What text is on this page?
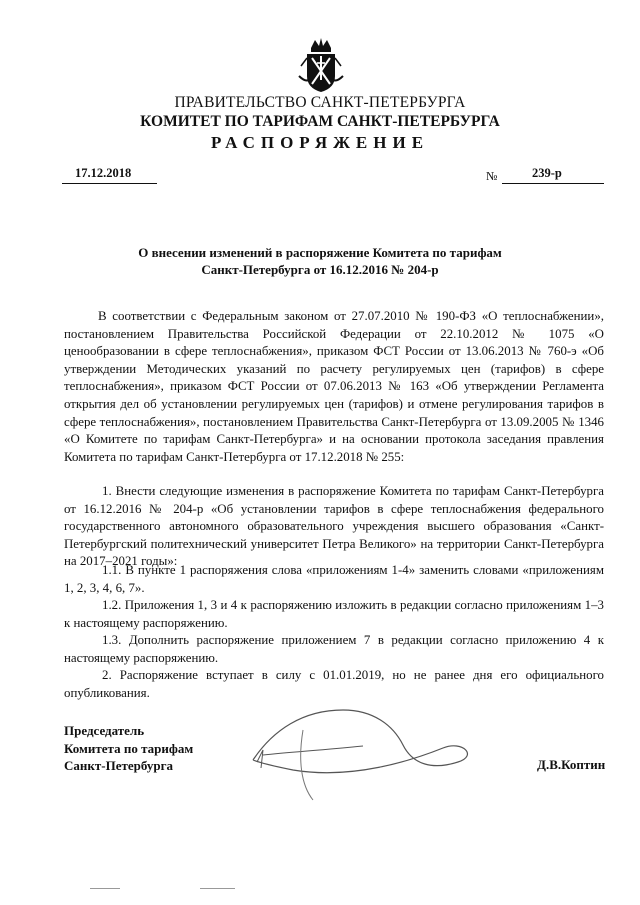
ПРАВИТЕЛЬСТВО САНКТ-ПЕТЕРБУРГА
КОМИТЕТ ПО ТАРИФАМ САНКТ-ПЕТЕРБУРГА
РАСПОРЯЖЕНИЕ
17.12.2018	№	239-р
О внесении изменений в распоряжение Комитета по тарифам
Санкт-Петербурга от 16.12.2016 № 204-р
В соответствии с Федеральным законом от 27.07.2010 № 190-ФЗ «О теплоснабжении», постановлением Правительства Российской Федерации от 22.10.2012 № 1075 «О ценообразовании в сфере теплоснабжения», приказом ФСТ России от 13.06.2013 № 760-э «Об утверждении Методических указаний по расчету регулируемых цен (тарифов) в сфере теплоснабжения», приказом ФСТ России от 07.06.2013 № 163 «Об утверждении Регламента открытия дел об установлении регулируемых цен (тарифов) и отмене регулирования тарифов в сфере теплоснабжения», постановлением Правительства Санкт-Петербурга от 13.09.2005 № 1346 «О Комитете по тарифам Санкт-Петербурга» и на основании протокола заседания правления Комитета по тарифам Санкт-Петербурга от 17.12.2018 № 255:
1. Внести следующие изменения в распоряжение Комитета по тарифам Санкт-Петербурга от 16.12.2016 № 204-р «Об установлении тарифов в сфере теплоснабжения федерального государственного автономного образовательного учреждения высшего образования «Санкт-Петербургский политехнический университет Петра Великого» на территории Санкт-Петербурга на 2017–2021 годы»:
1.1. В пункте 1 распоряжения слова «приложениям 1-4» заменить словами «приложениям 1, 2, 3, 4, 6, 7».
1.2. Приложения 1, 3 и 4 к распоряжению изложить в редакции согласно приложениям 1–3 к настоящему распоряжению.
1.3. Дополнить распоряжение приложением 7 в редакции согласно приложению 4 к настоящему распоряжению.
2. Распоряжение вступает в силу с 01.01.2019, но не ранее дня его официального опубликования.
Председатель
Комитета по тарифам
Санкт-Петербурга	Д.В.Коптин
